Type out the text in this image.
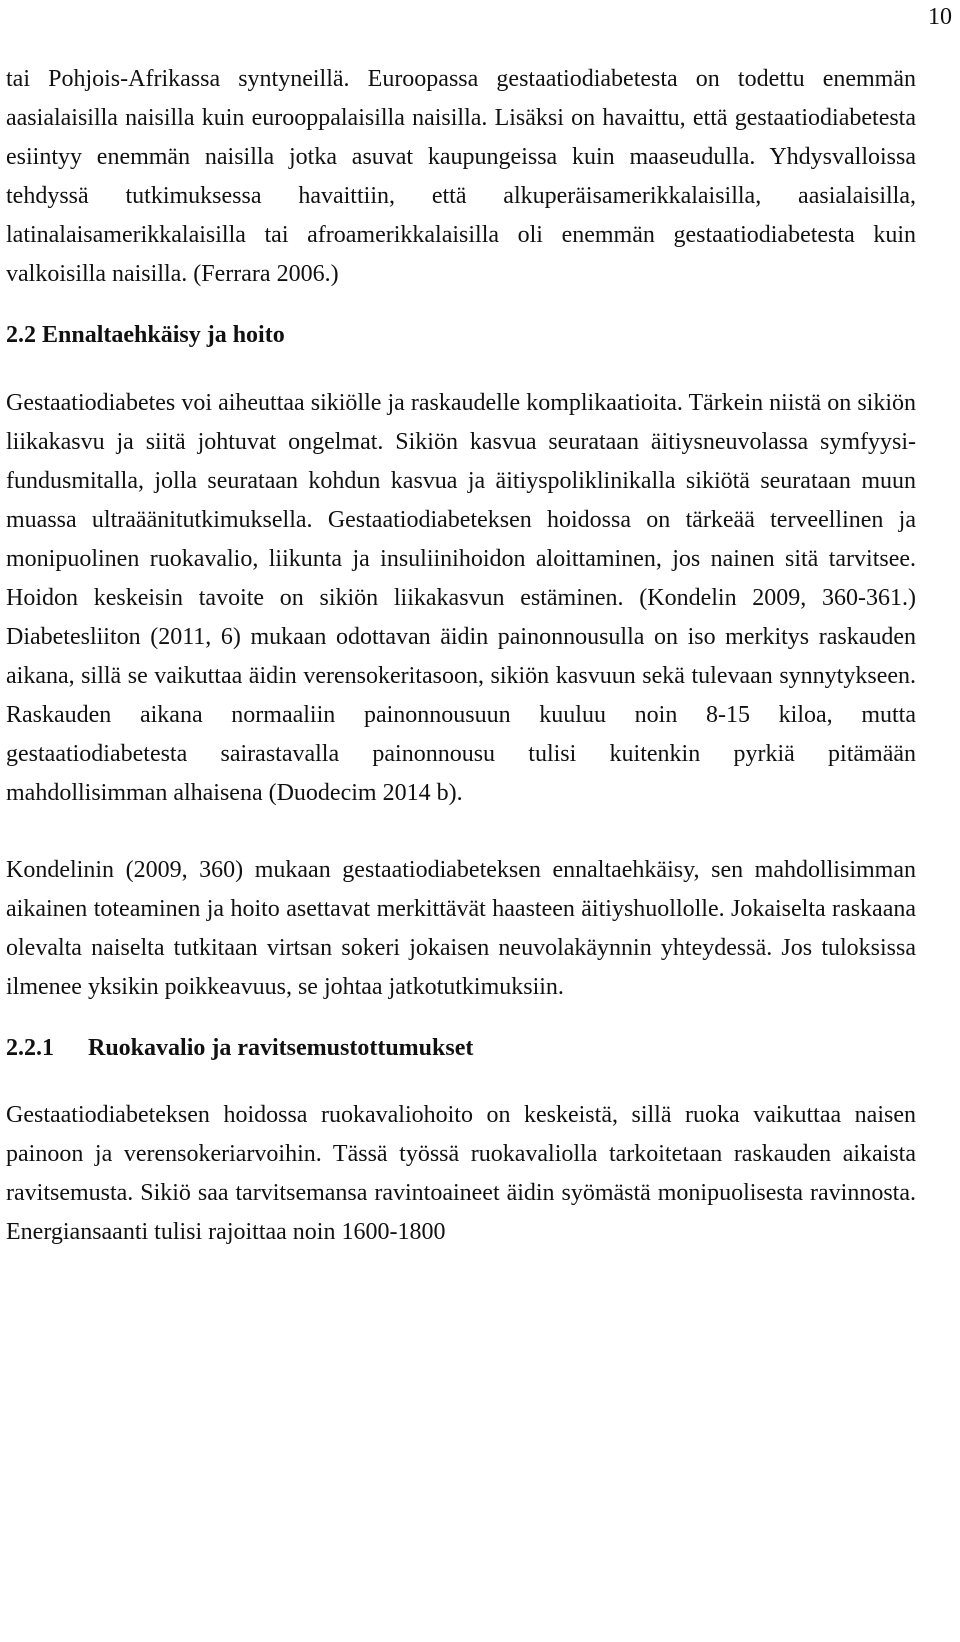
10

tai Pohjois-Afrikassa syntyneillä. Euroopassa gestaatiodiabetesta on todettu enemmän aasialaisilla naisilla kuin eurooppalaisilla naisilla. Lisäksi on havaittu, että gestaatiodiabetesta esiintyy enemmän naisilla jotka asuvat kaupungeissa kuin maaseudulla. Yhdysvalloissa tehdyssä tutkimuksessa havaittiin, että alkuperäisamerikkalaisilla, aasialaisilla, latinalaisamerikkalaisilla tai afroamerikkalaisilla oli enemmän gestaatiodiabetesta kuin valkoisilla naisilla. (Ferrara 2006.)

2.2 Ennaltaehkäisy ja hoito

Gestaatiodiabetes voi aiheuttaa sikiölle ja raskaudelle komplikaatioita. Tärkein niistä on sikiön liikakasvu ja siitä johtuvat ongelmat. Sikiön kasvua seurataan äitiysneuvolassa symfyysi-fundusmitalla, jolla seurataan kohdun kasvua ja äitiyspoliklinikalla sikiötä seurataan muun muassa ultraäänitutkimuksella. Gestaatiodiabeteksen hoidossa on tärkeää terveellinen ja monipuolinen ruokavalio, liikunta ja insuliinihoidon aloittaminen, jos nainen sitä tarvitsee. Hoidon keskeisin tavoite on sikiön liikakasvun estäminen. (Kondelin 2009, 360-361.) Diabetesliiton (2011, 6) mukaan odottavan äidin painonnousulla on iso merkitys raskauden aikana, sillä se vaikuttaa äidin verensokeritasoon, sikiön kasvuun sekä tulevaan synnytykseen. Raskauden aikana normaaliin painonnousuun kuuluu noin 8-15 kiloa, mutta gestaatiodiabetesta sairastavalla painonnousu tulisi kuitenkin pyrkiä pitämään mahdollisimman alhaisena (Duodecim 2014 b).

Kondelinin (2009, 360) mukaan gestaatiodiabeteksen ennaltaehkäisy, sen mahdollisimman aikainen toteaminen ja hoito asettavat merkittävät haasteen äitiyshuollolle. Jokaiselta raskaana olevalta naiselta tutkitaan virtsan sokeri jokaisen neuvolakäynnin yhteydessä. Jos tuloksissa ilmenee yksikin poikkeavuus, se johtaa jatkotutkimuksiin.

2.2.1 Ruokavalio ja ravitsemustottumukset

Gestaatiodiabeteksen hoidossa ruokavaliohoito on keskeistä, sillä ruoka vaikuttaa naisen painoon ja verensokeriarvoihin. Tässä työssä ruokavaliolla tarkoitetaan raskauden aikaista ravitsemusta. Sikiö saa tarvitsemansa ravintoaineet äidin syömästä monipuolisesta ravinnosta. Energiansaanti tulisi rajoittaa noin 1600-1800
